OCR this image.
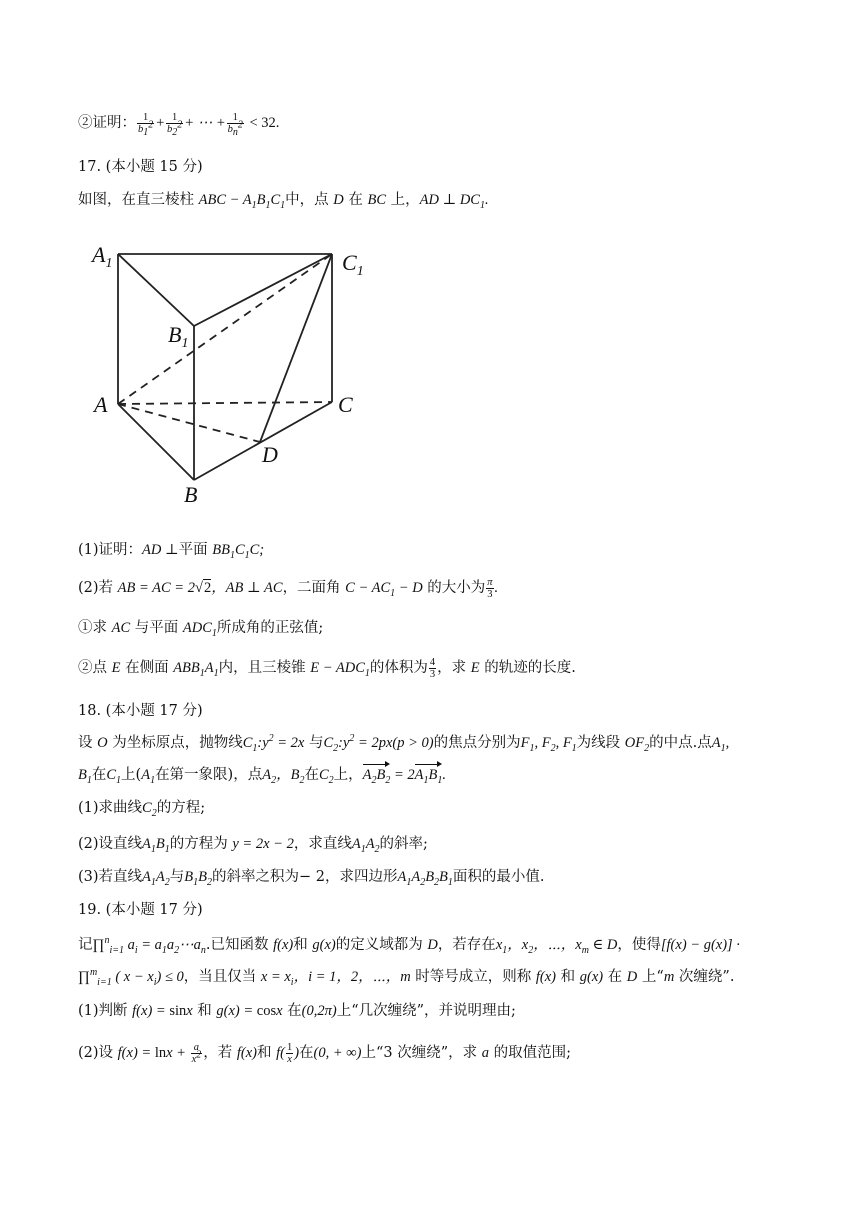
②证明： $\frac{1}{b_1^2} + \frac{1}{b_2^2}$ + ⋯ + $\frac{1}{b_n^2} < 32$.
17. (本小题 15 分)
如图，在直三棱柱 ABC − $A_1B_1C_1$中，点 D 在 BC 上，AD ⊥ $DC_1$.
$A_1$	$C_1$
$B_1$
A	C
D
B
(1)证明：AD ⊥平面 $BB_1C_1C$;
(2)若 AB = AC = 2√2，AB ⊥ AC，二面角 $C - AC_1 - D$ 的大小为 $\frac{\pi}{3}$ .
①求 AC 与平面 $ADC_1$所成角的正弦值;
②点 E 在侧面 $ABB_1A_1$内，且三棱锥 $E - ADC_1$的体积为 $\frac{4}{3}$ ，求 E 的轨迹的长度.
18. (本小题 17 分)
设 O 为坐标原点，抛物线$C_1:y^2 = 2x$ 与$C_2:y^2 = 2px(p > 0)$的焦点分别为$F_1$, $F_2$, $F_1$为线段 $OF_2$的中点.点$A_1$,
$B_1$在$C_1$上($A_1$在第一象限)，点$A_2$，$B_2$在$C_2$上，$A_2B_2 = 2A_1B_1$.
(1)求曲线$C_2$的方程;
(2)设直线$A_1B_1$的方程为 y = 2x − 2，求直线$A_1A_2$的斜率;
(3)若直线$A_1A_2$与$B_1B_2$的斜率之积为− 2，求四边形$A_1A_2B_2B_1$面积的最小值.
19. (本小题 17 分)
记∏$^n_{i=1}$ $a_i$ = $a_1a_2\cdots a_n$.已知函数 f(x)和 g(x)的定义域都为 D，若存在$x_1$，$x_2$，⋯，$x_m$ ∈ D，使得[f(x) − g(x)] ·
∏$^m_{i=1}$ ( $x - x_i) \le 0$，当且仅当 $x = x_i$，i = 1，2，⋯，m 时等号成立，则称 f(x) 和 g(x) 在 D 上“m 次缠绕”.
(1)判断 f(x) = sinx 和 g(x) = cosx 在(0,2π)上“几次缠绕”，并说明理由;
(2)设 $f(x) = \ln x + \frac{a}{x^2}$ ，若 f(x)和 $f( \frac{1}{x}$ )在(0, + ∞)上“3 次缠绕”，求 a 的取值范围;
